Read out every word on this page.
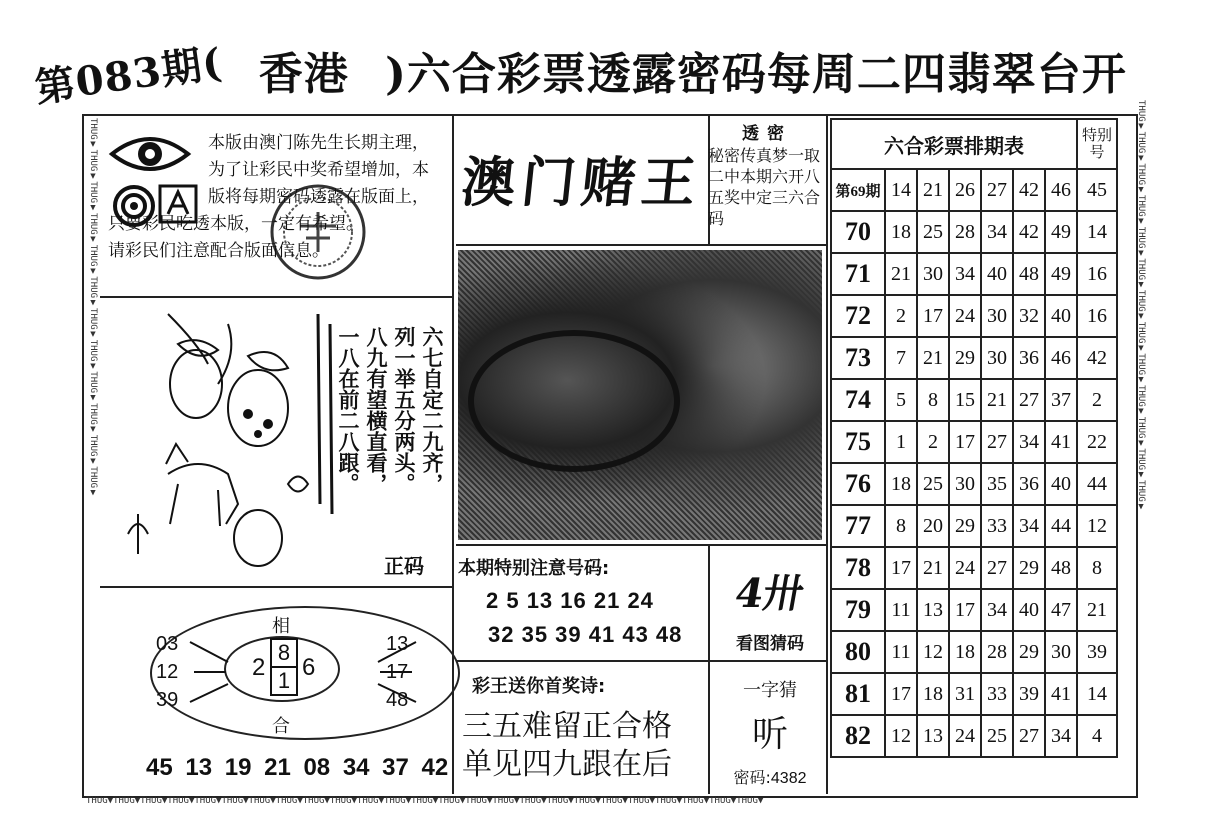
第083期( 香港 )六合彩票透露密码每周二四翡翠台开
THUG▼THUG▼THUG▼THUG▼THUG▼THUG▼THUG▼THUG▼THUG▼THUG▼THUG▼THUG▼THUG▼THUG▼THUG▼THUG▼THUG▼THUG▼THUG▼THUG▼THUG▼THUG▼THUG▼THUG▼THUG▼
本版由澳门陈先生长期主理，
为了让彩民中奖希望增加，本
版将每期密码透露在版面上，
只要彩民吃透本版，一定有希望。
请彩民们注意配合版面信息。
六七自定二九齐，
列一举五分两头。
八九有望横直看，
一八在前二八跟。
正码
相
合
03
12
39
13
17
48
2
8
1 6
45 13 19 21 08 34 37 42
澳门赌王
透密
秘密传真梦一取二中本期六开八五奖中定三六合码
本期特别注意号码:
2 5 13 16 21 24
32 35 39 41 43 48
4卅
看图猜码
彩王送你首奖诗:
三五难留正合格
单见四九跟在后
一字猜
听
密码:4382
六合彩票排期表							特别号
第69期	14	21	26	27	42	46	45
70	18	25	28	34	42	49	14
71	21	30	34	40	48	49	16
72	2	17	24	30	32	40	16
73	7	21	29	30	36	46	42
74	5	8	15	21	27	37	2
75	1	2	17	27	34	41	22
76	18	25	30	35	36	40	44
77	8	20	29	33	34	44	12
78	17	21	24	27	29	48	8
79	11	13	17	34	40	47	21
80	11	12	18	28	29	30	39
81	17	18	31	33	39	41	14
82	12	13	24	25	27	34	4
THUG▼THUG▼THUG▼THUG▼THUG▼THUG▼THUG▼THUG▼THUG▼THUG▼THUG▼THUG▼THUG▼
THUG▼THUG▼THUG▼THUG▼THUG▼THUG▼THUG▼THUG▼THUG▼THUG▼THUG▼THUG▼
